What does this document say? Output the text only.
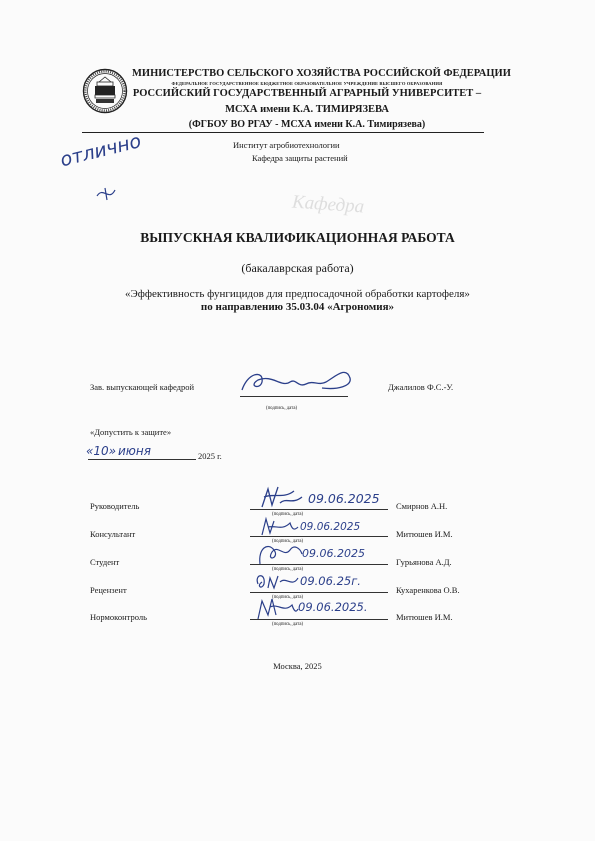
МИНИСТЕРСТВО СЕЛЬСКОГО ХОЗЯЙСТВА РОССИЙСКОЙ ФЕДЕРАЦИИ
ФЕДЕРАЛЬНОЕ ГОСУДАРСТВЕННОЕ БЮДЖЕТНОЕ ОБРАЗОВАТЕЛЬНОЕ УЧРЕЖДЕНИЕ ВЫСШЕГО ОБРАЗОВАНИЯ
РОССИЙСКИЙ ГОСУДАРСТВЕННЫЙ АГРАРНЫЙ УНИВЕРСИТЕТ –
МСХА имени К.А. ТИМИРЯЗЕВА
(ФГБОУ ВО РГАУ - МСХА имени К.А. Тимирязева)
Институт агробиотехнологии
Кафедра защиты растений
отлично
Кафедра
ВЫПУСКНАЯ КВАЛИФИКАЦИОННАЯ РАБОТА
(бакалаврская работа)
«Эффективность фунгицидов для предпосадочной обработки картофеля»
по направлению 35.03.04 «Агрономия»
Зав. выпускающей кафедрой
(подпись, дата)
Джалилов Ф.С.-У.
«Допустить к защите»
«10» июня	2025 г.
Руководитель	09.06.2025
(подпись, дата)
Смирнов А.Н.
Консультант
09.06.2025
(подпись, дата)
Митюшев И.М.
Студент
09.06.2025
(подпись, дата)
Гурьянова А.Д.
Рецензент
09.06.25г.
(подпись, дата)
Кухаренкова О.В.
Нормоконтроль
09.06.2025.
(подпись, дата)
Митюшев И.М.
Москва, 2025
